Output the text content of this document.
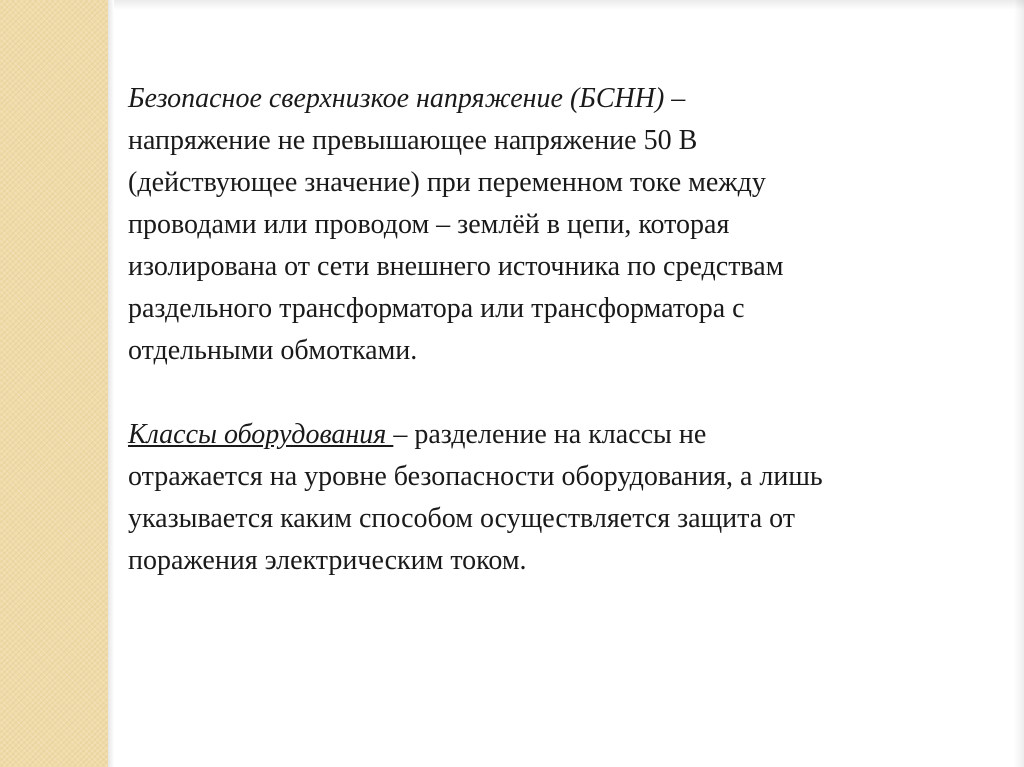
Безопасное сверхнизкое напряжение (БСНН) –
напряжение не превышающее напряжение 50 В
(действующее значение) при переменном токе между
проводами или проводом – землёй в цепи, которая
изолирована от сети внешнего источника по средствам
раздельного трансформатора или трансформатора с
отдельными обмотками.
Классы оборудования – разделение на классы не
отражается на уровне безопасности оборудования, а лишь
указывается каким способом осуществляется защита от
поражения электрическим током.
